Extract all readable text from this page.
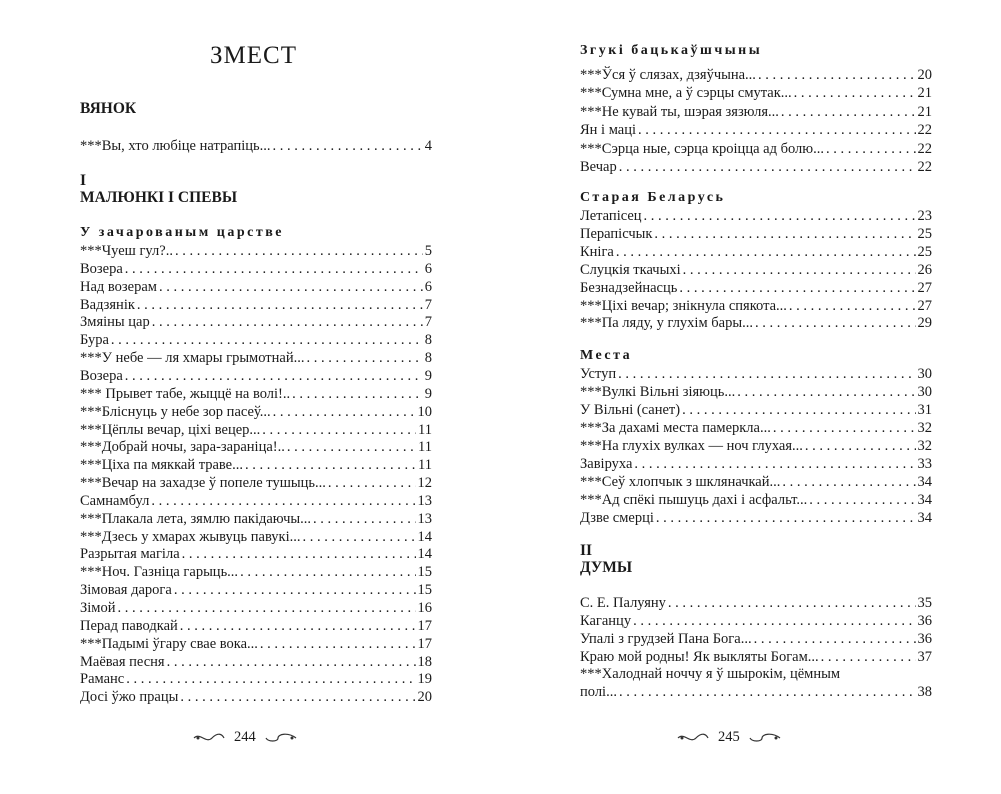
ЗМЕСТ
ВЯНОК
***Вы, хто любіце натрапіць... . . .	4
I
МАЛЮНКІ І СПЕВЫ
У зачарованым царстве
***Чуеш гул?.. . . .	5
Возера . . .	6
Над возерам . . .	6
Вадзянік . . .	7
Змяіны цар . . .	7
Бура . . .	8
***У небе — ля хмары грымотнай... . . .	8
Возера . . .	9
*** Прывет табе, жыццё на волі!.. . . .	9
***Бліснуць у небе зор пасеў... . . .	10
***Цёплы вечар, ціхі вецер... . . .	11
***Добрай ночы, зара-зараніца!.. . . .	11
***Ціха па мяккай траве... . . .	11
***Вечар на захадзе ў попеле тушыць... . . .	12
Самнамбул . . .	13
***Плакала лета, зямлю пакідаючы... . . .	13
***Дзесь у хмарах жывуць павукі... . . .	14
Разрытая магіла . . .	14
***Ноч. Газніца гарыць... . . .	15
Зімовая дарога . . .	15
Зімой . . .	16
Перад паводкай . . .	17
***Падымі ўгару свае вока... . . .	17
Маёвая песня . . .	18
Раманс . . .	19
Досі ўжо працы . . .	20
244
Згукі бацькаўшчыны
***Ўся ў слязах, дзяўчына... . . .	20
***Сумна мне, а ў сэрцы смутак... . . .	21
***Не кувай ты, шэрая зязюля... . . .	21
Ян і маці . . .	22
***Сэрца ные, сэрца кроіцца ад болю... . . .	22
Вечар . . .	22
Старая Беларусь
Летапісец . . .	23
Перапісчык . . .	25
Кніга . . .	25
Слуцкія ткачыхі . . .	26
Безнадзейнасць . . .	27
***Ціхі вечар; знікнула спякота... . . .	27
***Па ляду, у глухім бары... . . .	29
Места
Уступ . . .	30
***Вулкі Вільні зіяюць... . . .	30
У Вільні (санет) . . .	31
***За дахамі места памеркла... . . .	32
***На глухіх вулках — ноч глухая... . . .	32
Завіруха . . .	33
***Сеў хлопчык з шкляначкай... . . .	34
***Ад спёкі пышуць дахі і асфальт... . . .	34
Дзве смерці . . .	34
II
ДУМЫ
С. Е. Палуяну . . .	35
Каганцу . . .	36
Упалі з грудзей Пана Бога... . . .	36
Краю мой родны! Як выкляты Богам... . . .	37
***Халоднай ноччу я ў шырокім, цёмным
полі... . . .	38
245
